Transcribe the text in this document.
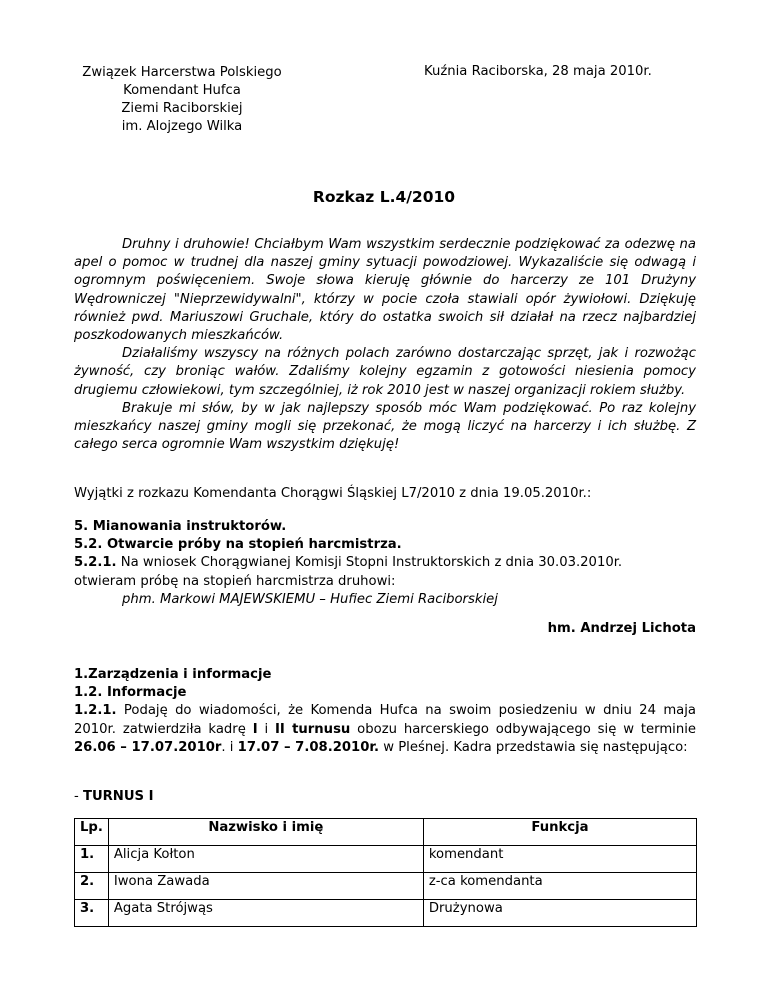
Związek Harcerstwa Polskiego
Komendant Hufca
Ziemi Raciborskiej
im. Alojzego Wilka
Kuźnia Raciborska, 28 maja 2010r.
Rozkaz L.4/2010

Druhny i druhowie! Chciałbym Wam wszystkim serdecznie podziękować za odezwę na apel o pomoc w trudnej dla naszej gminy sytuacji powodziowej. Wykazaliście się odwagą i ogromnym poświęceniem. Swoje słowa kieruję głównie do harcerzy ze 101 Drużyny Wędrowniczej "Nieprzewidywalni", którzy w pocie czoła stawiali opór żywiołowi. Dziękuję również pwd. Mariuszowi Gruchale, który do ostatka swoich sił działał na rzecz najbardziej poszkodowanych mieszkańców.

Działaliśmy wszyscy na różnych polach zarówno dostarczając sprzęt, jak i rozwożąc żywność, czy broniąc wałów. Zdaliśmy kolejny egzamin z gotowości niesienia pomocy drugiemu człowiekowi, tym szczególniej, iż rok 2010 jest w naszej organizacji rokiem służby.

Brakuje mi słów, by w jak najlepszy sposób móc Wam podziękować. Po raz kolejny mieszkańcy naszej gminy mogli się przekonać, że mogą liczyć na harcerzy i ich służbę. Z całego serca ogromnie Wam wszystkim dziękuję!

Wyjątki z rozkazu Komendanta Chorągwi Śląskiej L7/2010 z dnia 19.05.2010r.:

5. Mianowania instruktorów.

5.2. Otwarcie próby na stopień harcmistrza.

5.2.1. Na wniosek Chorągwianej Komisji Stopni Instruktorskich z dnia 30.03.2010r.

otwieram próbę na stopień harcmistrza druhowi:

phm. Markowi MAJEWSKIEMU – Hufiec Ziemi Raciborskiej

hm. Andrzej Lichota

1.Zarządzenia i informacje

1.2. Informacje

1.2.1. Podaję do wiadomości, że Komenda Hufca na swoim posiedzeniu w dniu 24 maja 2010r. zatwierdziła kadrę I i II turnusu obozu harcerskiego odbywającego się w terminie 26.06 – 17.07.2010r. i 17.07 – 7.08.2010r. w Pleśnej. Kadra przedstawia się następująco:

- TURNUS I
Lp.	Nazwisko i imię	Funkcja
1.	Alicja Kołton	komendant
2.	Iwona Zawada	z-ca komendanta
3.	Agata Strójwąs	Drużynowa
